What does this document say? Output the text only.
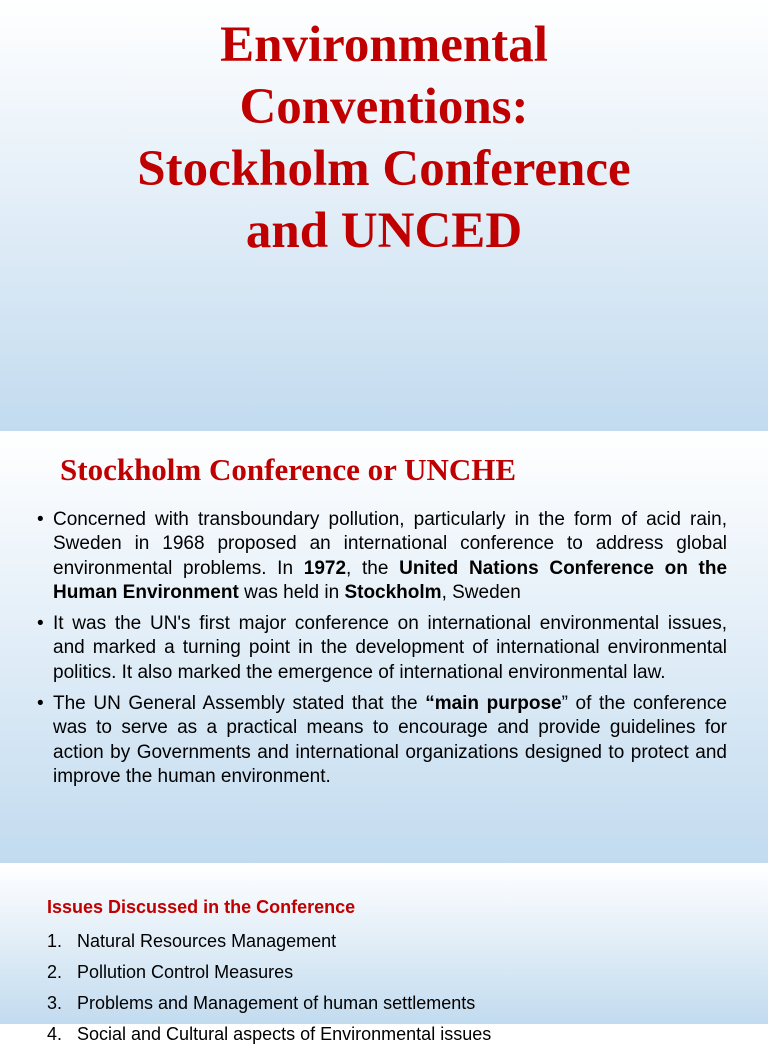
Environmental
Conventions:
Stockholm Conference
and UNCED
Stockholm Conference or UNCHE
• Concerned with transboundary pollution, particularly in the form of acid rain, Sweden in 1968 proposed an international conference to address global environmental problems. In 1972, the United Nations Conference on the Human Environment was held in Stockholm, Sweden
• It was the UN's first major conference on international environmental issues, and marked a turning point in the development of international environmental politics. It also marked the emergence of international environmental law.
• The UN General Assembly stated that the “main purpose” of the conference was to serve as a practical means to encourage and provide guidelines for action by Governments and international organizations designed to protect and improve the human environment.
Issues Discussed in the Conference
1. Natural Resources Management
2. Pollution Control Measures
3. Problems and Management of human settlements
4. Social and Cultural aspects of Environmental issues
